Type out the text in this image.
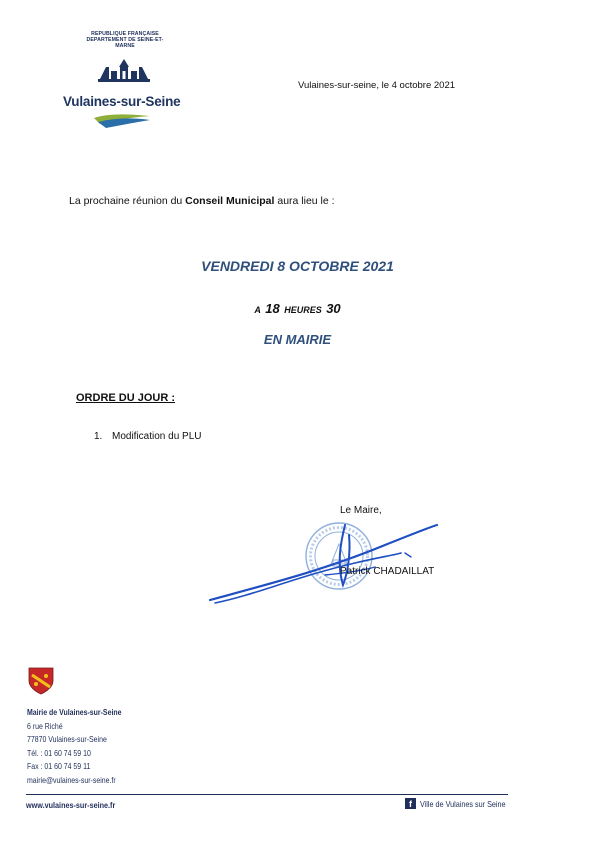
REPUBLIQUE FRANÇAISE
DEPARTEMENT DE SEINE-ET-
MARNE
Vulaines-sur-Seine
Vulaines-sur-seine, le 4 octobre 2021
La prochaine réunion du Conseil Municipal aura lieu le :
VENDREDI 8 OCTOBRE 2021
A 18 HEURES 30
EN MAIRIE
ORDRE DU JOUR :
1. Modification du PLU
Le Maire,
Patrick CHADAILLAT
Mairie de Vulaines-sur-Seine
6 rue Riché
77870 Vulaines-sur-Seine
Tél. : 01 60 74 59 10
Fax : 01 60 74 59 11
mairie@vulaines-sur-seine.fr
www.vulaines-sur-seine.fr	f Ville de Vulaines sur Seine
